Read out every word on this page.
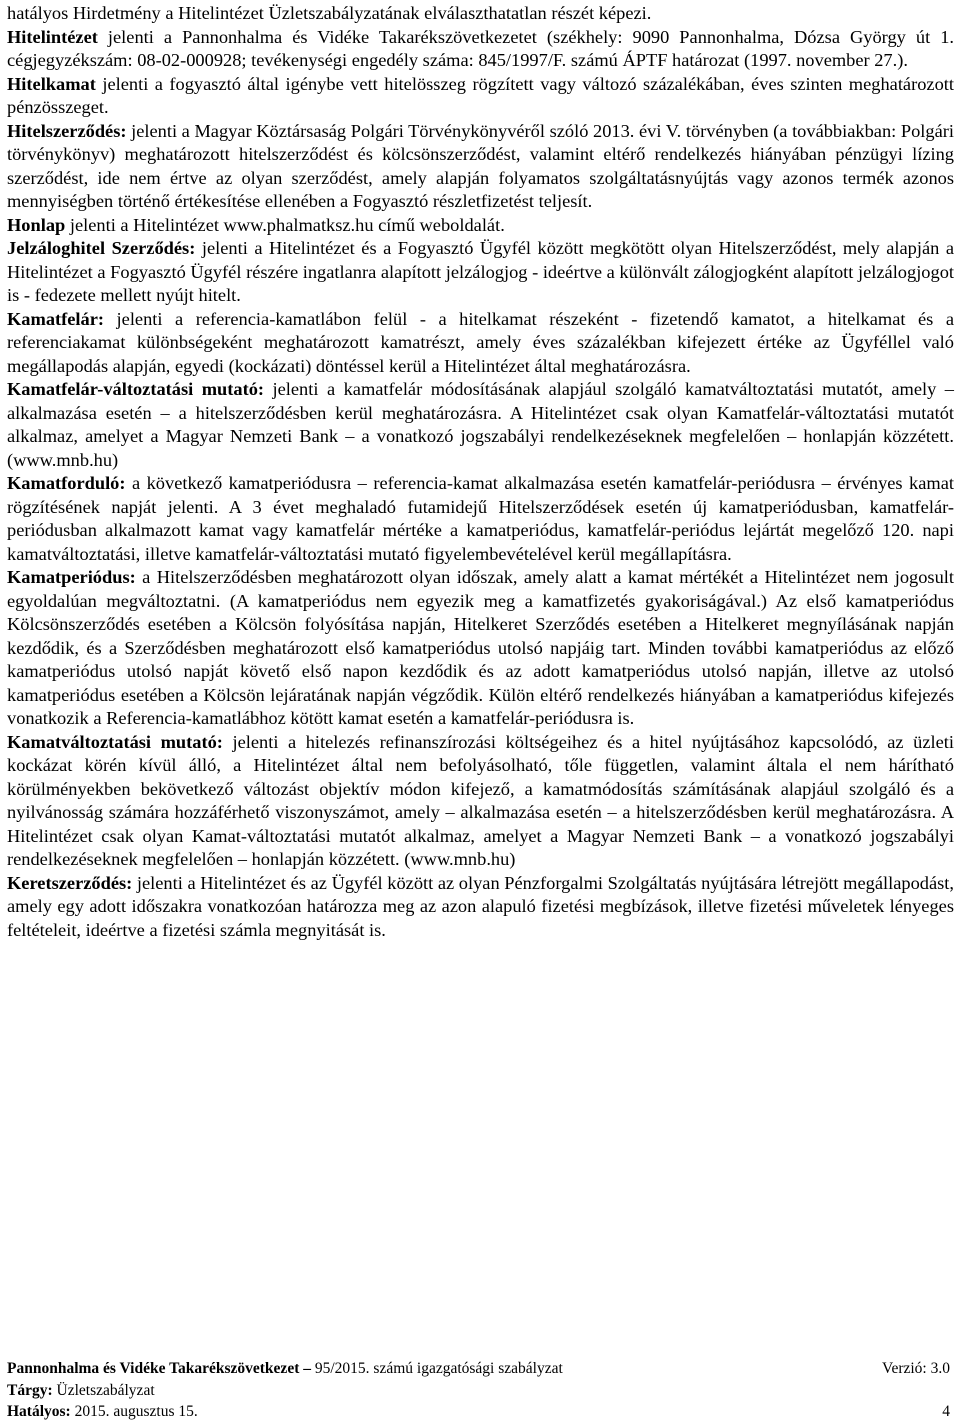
hatályos Hirdetmény a Hitelintézet Üzletszabályzatának elválaszthatatlan részét képezi.

Hitelintézet jelenti a Pannonhalma és Vidéke Takarékszövetkezetet (székhely: 9090 Pannonhalma, Dózsa György út 1. cégjegyzékszám: 08-02-000928; tevékenységi engedély száma: 845/1997/F. számú ÁPTF határozat (1997. november 27.).

Hitelkamat jelenti a fogyasztó által igénybe vett hitelösszeg rögzített vagy változó százalékában, éves szinten meghatározott pénzösszeget.

Hitelszerződés: jelenti a Magyar Köztársaság Polgári Törvénykönyvéről szóló 2013. évi V. törvényben (a továbbiakban: Polgári törvénykönyv) meghatározott hitelszerződést és kölcsönszerződést, valamint eltérő rendelkezés hiányában pénzügyi lízing szerződést, ide nem értve az olyan szerződést, amely alapján folyamatos szolgáltatásnyújtás vagy azonos termék azonos mennyiségben történő értékesítése ellenében a Fogyasztó részletfizetést teljesít.

Honlap jelenti a Hitelintézet www.phalmatksz.hu című weboldalát.

Jelzáloghitel Szerződés: jelenti a Hitelintézet és a Fogyasztó Ügyfél között megkötött olyan Hitelszerződést, mely alapján a Hitelintézet a Fogyasztó Ügyfél részére ingatlanra alapított jelzálogjog - ideértve a különvált zálogjogként alapított jelzálogjogot is - fedezete mellett nyújt hitelt.

Kamatfelár: jelenti a referencia-kamatlábon felül - a hitelkamat részeként - fizetendő kamatot, a hitelkamat és a referenciakamat különbségeként meghatározott kamatrészt, amely éves százalékban kifejezett értéke az Ügyféllel való megállapodás alapján, egyedi (kockázati) döntéssel kerül a Hitelintézet által meghatározásra.

Kamatfelár-változtatási mutató: jelenti a kamatfelár módosításának alapjául szolgáló kamatváltoztatási mutatót, amely – alkalmazása esetén – a hitelszerződésben kerül meghatározásra. A Hitelintézet csak olyan Kamatfelár-változtatási mutatót alkalmaz, amelyet a Magyar Nemzeti Bank – a vonatkozó jogszabályi rendelkezéseknek megfelelően – honlapján közzétett. (www.mnb.hu)

Kamatforduló: a következő kamatperiódusra – referencia-kamat alkalmazása esetén kamatfelár-periódusra – érvényes kamat rögzítésének napját jelenti. A 3 évet meghaladó futamidejű Hitelszerződések esetén új kamatperiódusban, kamatfelár-periódusban alkalmazott kamat vagy kamatfelár mértéke a kamatperiódus, kamatfelár-periódus lejártát megelőző 120. napi kamatváltoztatási, illetve kamatfelár-változtatási mutató figyelembevételével kerül megállapításra.

Kamatperiódus: a Hitelszerződésben meghatározott olyan időszak, amely alatt a kamat mértékét a Hitelintézet nem jogosult egyoldalúan megváltoztatni. (A kamatperiódus nem egyezik meg a kamatfizetés gyakoriságával.) Az első kamatperiódus Kölcsönszerződés esetében a Kölcsön folyósítása napján, Hitelkeret Szerződés esetében a Hitelkeret megnyílásának napján kezdődik, és a Szerződésben meghatározott első kamatperiódus utolsó napjáig tart. Minden további kamatperiódus az előző kamatperiódus utolsó napját követő első napon kezdődik és az adott kamatperiódus utolsó napján, illetve az utolsó kamatperiódus esetében a Kölcsön lejáratának napján végződik. Külön eltérő rendelkezés hiányában a kamatperiódus kifejezés vonatkozik a Referencia-kamatlábhoz kötött kamat esetén a kamatfelár-periódusra is.

Kamatváltoztatási mutató: jelenti a hitelezés refinanszírozási költségeihez és a hitel nyújtásához kapcsolódó, az üzleti kockázat körén kívül álló, a Hitelintézet által nem befolyásolható, tőle független, valamint általa el nem hárítható körülményekben bekövetkező változást objektív módon kifejező, a kamatmódosítás számításának alapjául szolgáló és a nyilvánosság számára hozzáférhető viszonyszámot, amely – alkalmazása esetén – a hitelszerződésben kerül meghatározásra. A Hitelintézet csak olyan Kamat-változtatási mutatót alkalmaz, amelyet a Magyar Nemzeti Bank – a vonatkozó jogszabályi rendelkezéseknek megfelelően – honlapján közzétett. (www.mnb.hu)

Keretszerződés: jelenti a Hitelintézet és az Ügyfél között az olyan Pénzforgalmi Szolgáltatás nyújtására létrejött megállapodást, amely egy adott időszakra vonatkozóan határozza meg az azon alapuló fizetési megbízások, illetve fizetési műveletek lényeges feltételeit, ideértve a fizetési számla megnyitását is.

Pannonhalma és Vidéke Takarékszövetkezet – 95/2015. számú igazgatósági szabályzat	Verzió: 3.0
Tárgy: Üzletszabályzat
Hatályos: 2015. augusztus 15.	4
